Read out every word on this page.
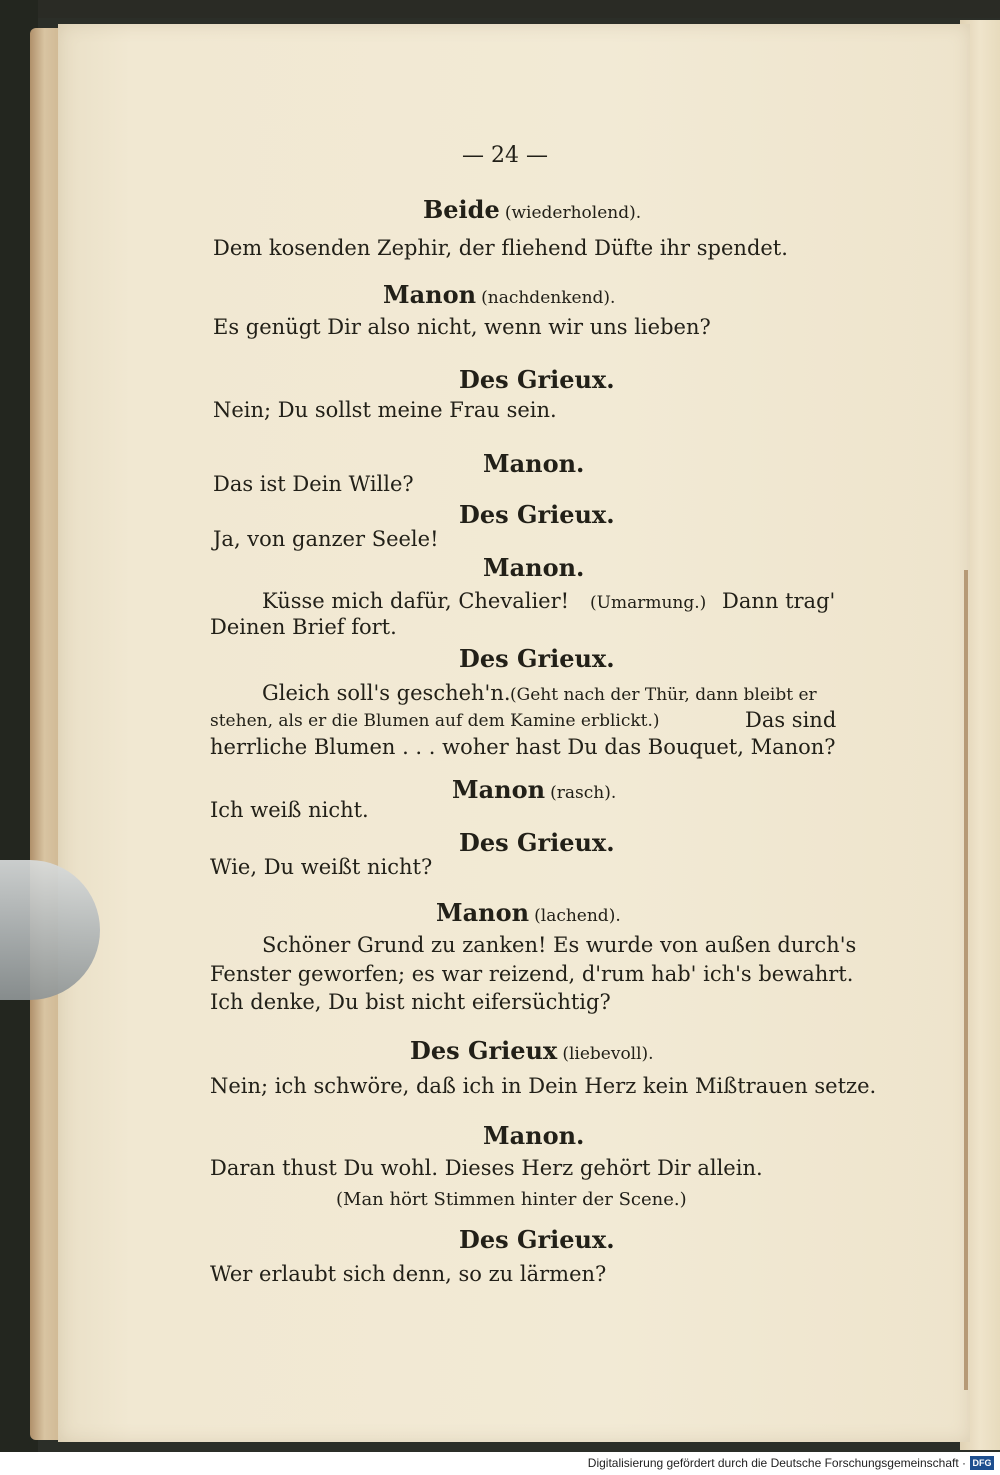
— 24 —
Beide (wiederholend).
Dem kosenden Zephir, der fliehend Düfte ihr spendet.
Manon (nachdenkend).
Es genügt Dir also nicht, wenn wir uns lieben?
Des Grieux.
Nein; Du sollst meine Frau sein.
Manon.
Das ist Dein Wille?
Des Grieux.
Ja, von ganzer Seele!
Manon.
Küsse mich dafür, Chevalier! (Umarmung.) Dann trag'
Deinen Brief fort.
Des Grieux.
Gleich soll's gescheh'n. (Geht nach der Thür, dann bleibt er
stehen, als er die Blumen auf dem Kamine erblickt.)	Das sind
herrliche Blumen . . . woher hast Du das Bouquet, Manon?
Manon (rasch).
Ich weiß nicht.
Des Grieux.
Wie, Du weißt nicht?
Manon (lachend).
Schöner Grund zu zanken! Es wurde von außen durch's
Fenster geworfen; es war reizend, d'rum hab' ich's bewahrt.
Ich denke, Du bist nicht eifersüchtig?
Des Grieux (liebevoll).
Nein; ich schwöre, daß ich in Dein Herz kein Mißtrauen setze.
Manon.
Daran thust Du wohl. Dieses Herz gehört Dir allein.
(Man hört Stimmen hinter der Scene.)
Des Grieux.
Wer erlaubt sich denn, so zu lärmen?
Digitalisierung gefördert durch die Deutsche Forschungsgemeinschaft · DFG
